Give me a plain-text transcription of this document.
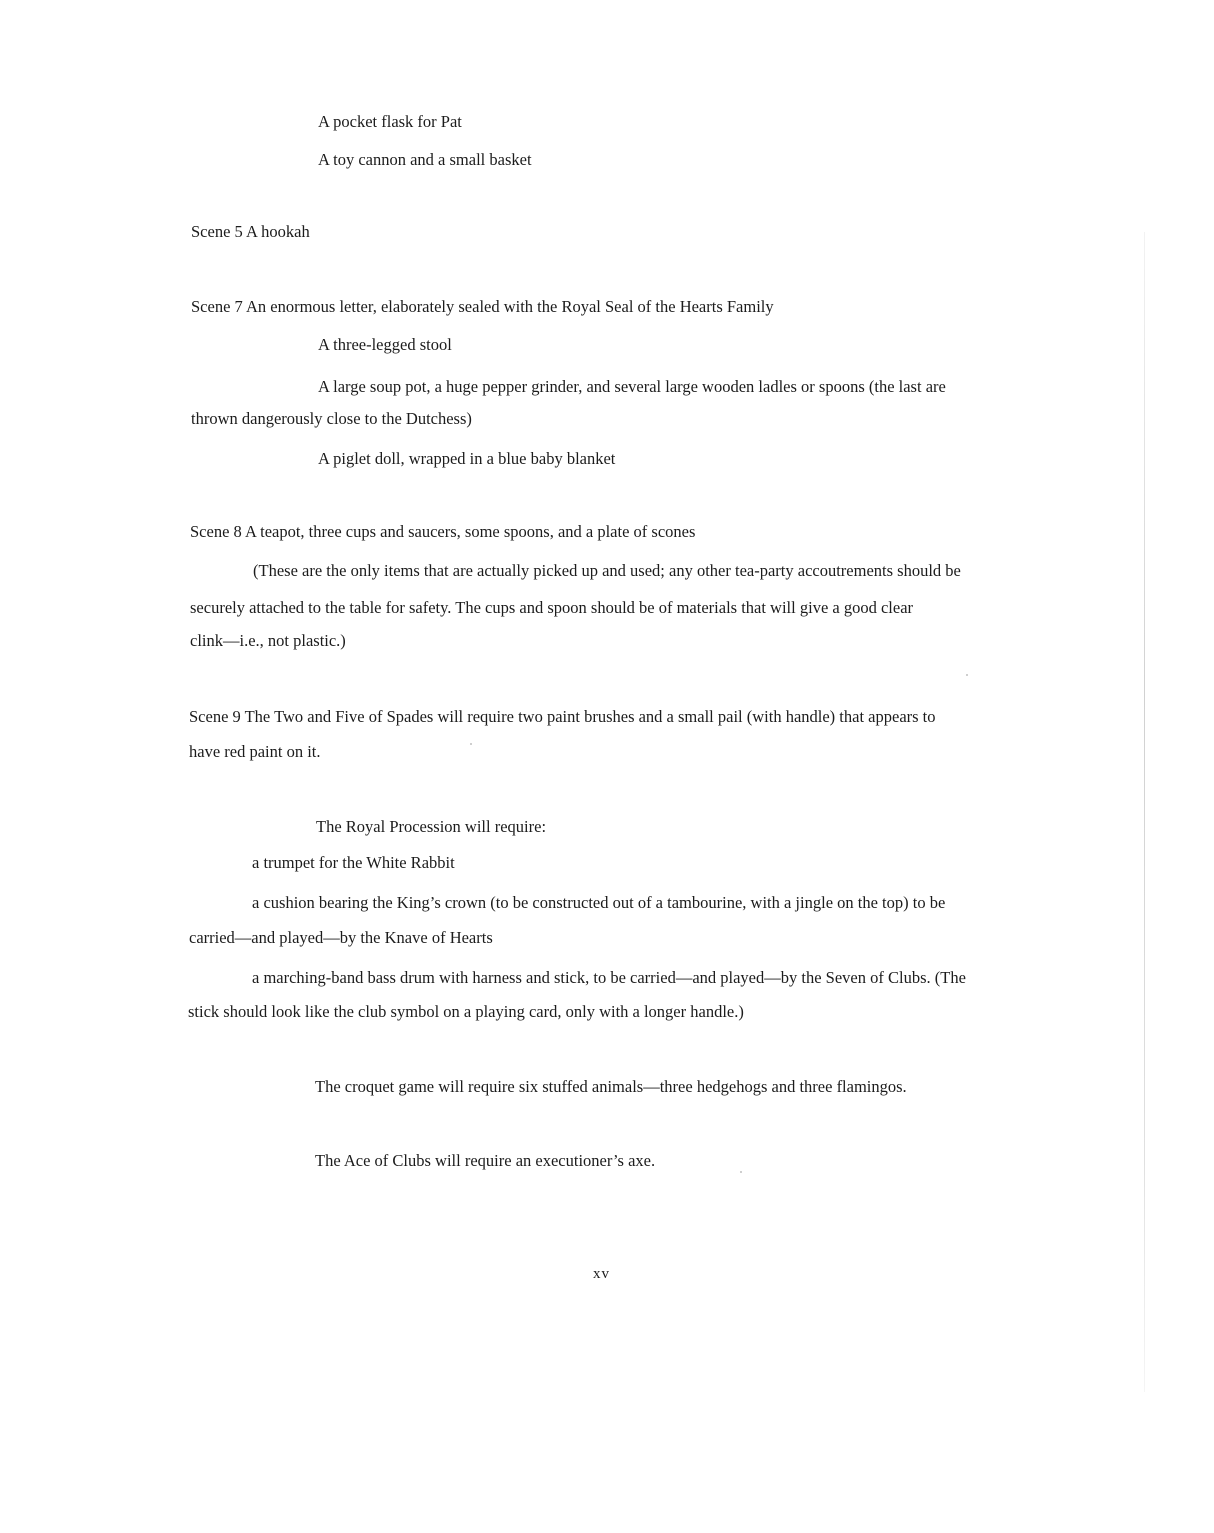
A pocket flask for Pat

A toy cannon and a small basket

Scene 5 A hookah

Scene 7 An enormous letter, elaborately sealed with the Royal Seal of the Hearts Family

A three-legged stool

A large soup pot, a huge pepper grinder, and several large wooden ladles or spoons (the last are

thrown dangerously close to the Dutchess)

A piglet doll, wrapped in a blue baby blanket

Scene 8 A teapot, three cups and saucers, some spoons, and a plate of scones

(These are the only items that are actually picked up and used; any other tea-party accoutrements should be

securely attached to the table for safety. The cups and spoon should be of materials that will give a good clear

clink—i.e., not plastic.)

Scene 9 The Two and Five of Spades will require two paint brushes and a small pail (with handle) that appears to

have red paint on it.

The Royal Procession will require:

a trumpet for the White Rabbit

a cushion bearing the King’s crown (to be constructed out of a tambourine, with a jingle on the top) to be

carried—and played—by the Knave of Hearts

a marching-band bass drum with harness and stick, to be carried—and played—by the Seven of Clubs. (The

stick should look like the club symbol on a playing card, only with a longer handle.)

The croquet game will require six stuffed animals—three hedgehogs and three flamingos.

The Ace of Clubs will require an executioner’s axe.

xv
